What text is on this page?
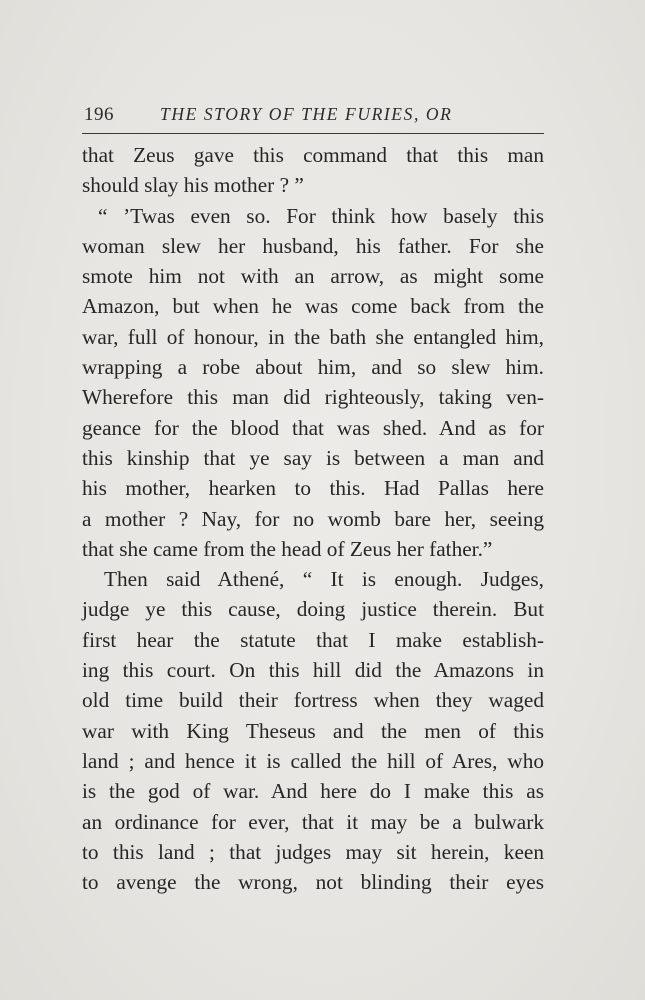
196	THE STORY OF THE FURIES, OR
that Zeus gave this command that this man
should slay his mother ? ”
“ ’Twas even so. For think how basely this
woman slew her husband, his father. For she
smote him not with an arrow, as might some
Amazon, but when he was come back from the
war, full of honour, in the bath she entangled him,
wrapping a robe about him, and so slew him.
Wherefore this man did righteously, taking ven-
geance for the blood that was shed. And as for
this kinship that ye say is between a man and
his mother, hearken to this. Had Pallas here
a mother ? Nay, for no womb bare her, seeing
that she came from the head of Zeus her father.”
Then said Athené, “ It is enough. Judges,
judge ye this cause, doing justice therein. But
first hear the statute that I make establish-
ing this court. On this hill did the Amazons in
old time build their fortress when they waged
war with King Theseus and the men of this
land ; and hence it is called the hill of Ares, who
is the god of war. And here do I make this as
an ordinance for ever, that it may be a bulwark
to this land ; that judges may sit herein, keen
to avenge the wrong, not blinding their eyes
